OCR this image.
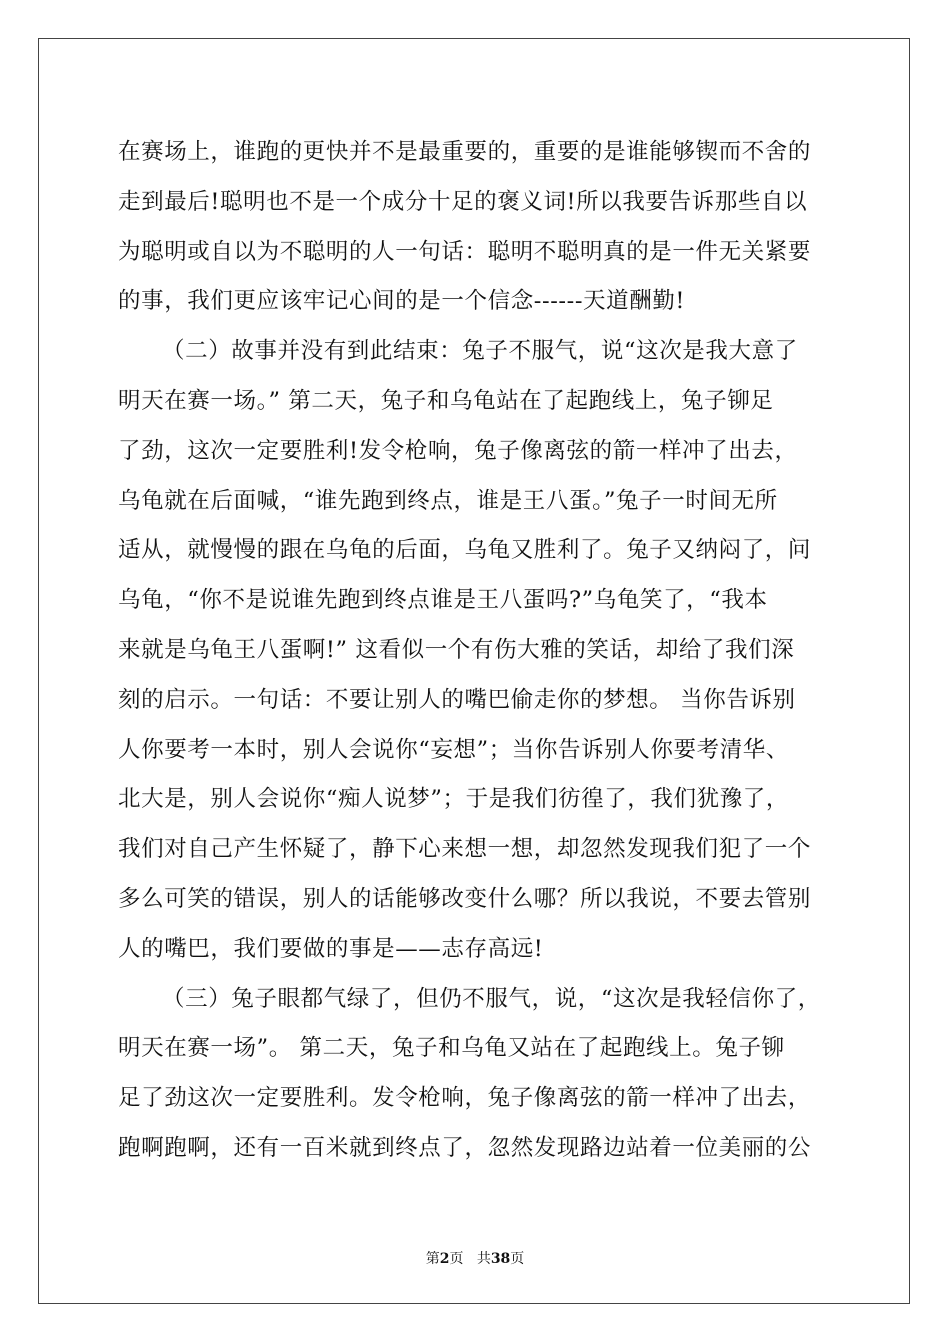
在赛场上，谁跑的更快并不是最重要的，重要的是谁能够锲而不舍的
走到最后!聪明也不是一个成分十足的褒义词!所以我要告诉那些自以
为聪明或自以为不聪明的人一句话：聪明不聪明真的是一件无关紧要
的事，我们更应该牢记心间的是一个信念------天道酬勤!
（二）故事并没有到此结束：兔子不服气，说“这次是我大意了
明天在赛一场。” 第二天，兔子和乌龟站在了起跑线上，兔子铆足
了劲，这次一定要胜利!发令枪响，兔子像离弦的箭一样冲了出去，
乌龟就在后面喊，“谁先跑到终点，谁是王八蛋。”兔子一时间无所
适从，就慢慢的跟在乌龟的后面，乌龟又胜利了。兔子又纳闷了，问
乌龟，“你不是说谁先跑到终点谁是王八蛋吗?”乌龟笑了，“我本
来就是乌龟王八蛋啊!” 这看似一个有伤大雅的笑话，却给了我们深
刻的启示。一句话：不要让别人的嘴巴偷走你的梦想。 当你告诉别
人你要考一本时，别人会说你“妄想”；当你告诉别人你要考清华、
北大是，别人会说你“痴人说梦”；于是我们彷徨了，我们犹豫了，
我们对自己产生怀疑了，静下心来想一想，却忽然发现我们犯了一个
多么可笑的错误，别人的话能够改变什么哪？所以我说，不要去管别
人的嘴巴，我们要做的事是——志存高远!
（三）兔子眼都气绿了，但仍不服气，说，“这次是我轻信你了，
明天在赛一场”。 第二天，兔子和乌龟又站在了起跑线上。兔子铆
足了劲这次一定要胜利。发令枪响，兔子像离弦的箭一样冲了出去，
跑啊跑啊，还有一百米就到终点了，忽然发现路边站着一位美丽的公
第2页 共38页
